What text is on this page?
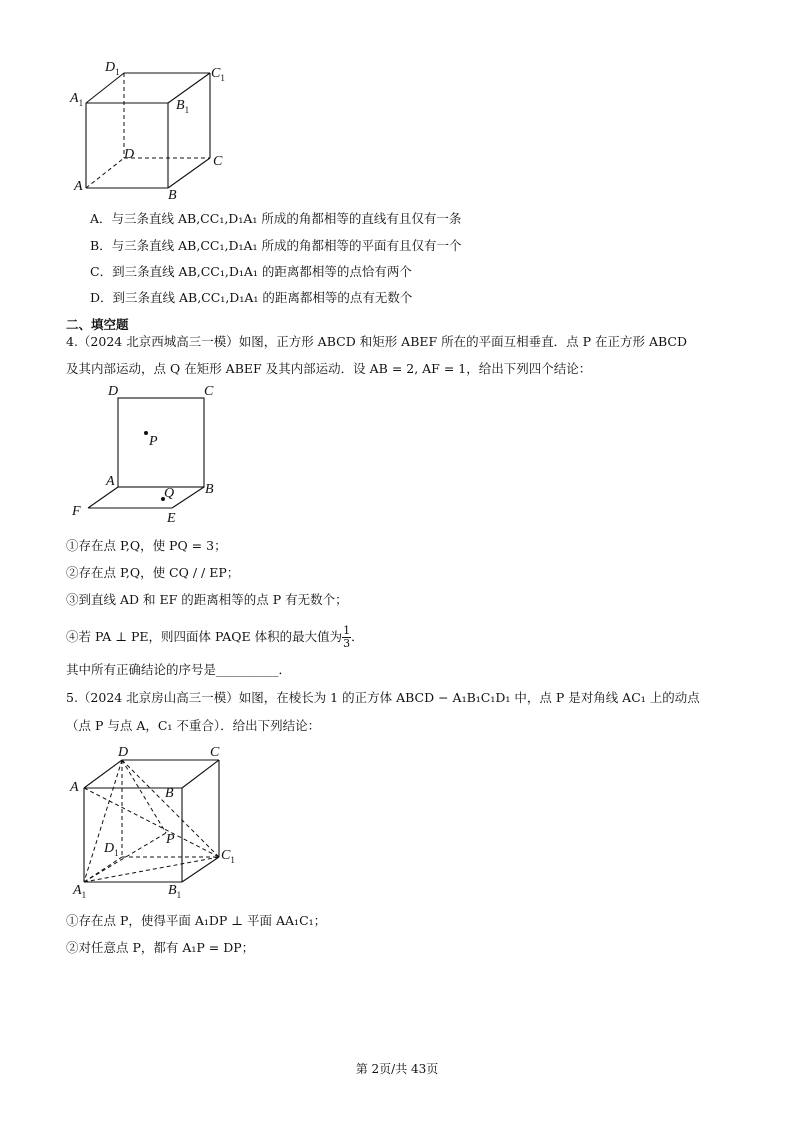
$D_1$	$C_1$
$A_1$	$B_1$
D	C
A
B
A．与三条直线 AB,CC₁,D₁A₁ 所成的角都相等的直线有且仅有一条
B．与三条直线 AB,CC₁,D₁A₁ 所成的角都相等的平面有且仅有一个
C．到三条直线 AB,CC₁,D₁A₁ 的距离都相等的点恰有两个
D．到三条直线 AB,CC₁,D₁A₁ 的距离都相等的点有无数个
二、填空题
4.（2024 北京西城高三一模）如图，正方形 ABCD 和矩形 ABEF 所在的平面互相垂直．点 P 在正方形 ABCD
及其内部运动，点 Q 在矩形 ABEF 及其内部运动．设 AB = 2, AF = 1，给出下列四个结论：
D	C
P
A
Q B
F	E
①存在点 P,Q，使 PQ = 3；
②存在点 P,Q，使 CQ / / EP；
③到直线 AD 和 EF 的距离相等的点 P 有无数个；
④若 PA ⊥ PE，则四面体 PAQE 体积的最大值为 $\frac{1}{3}$ ．
其中所有正确结论的序号是__________．
5.（2024 北京房山高三一模）如图，在棱长为 1 的正方体 ABCD − A₁B₁C₁D₁ 中，点 P 是对角线 AC₁ 上的动点
（点 P 与点 A，C₁ 不重合）．给出下列结论：
D	C
A	B
P
$D_1$	$C_1$
$A_1$	$B_1$
①存在点 P，使得平面 A₁DP ⊥ 平面 AA₁C₁；
②对任意点 P，都有 A₁P = DP；
第 2页/共 43页
